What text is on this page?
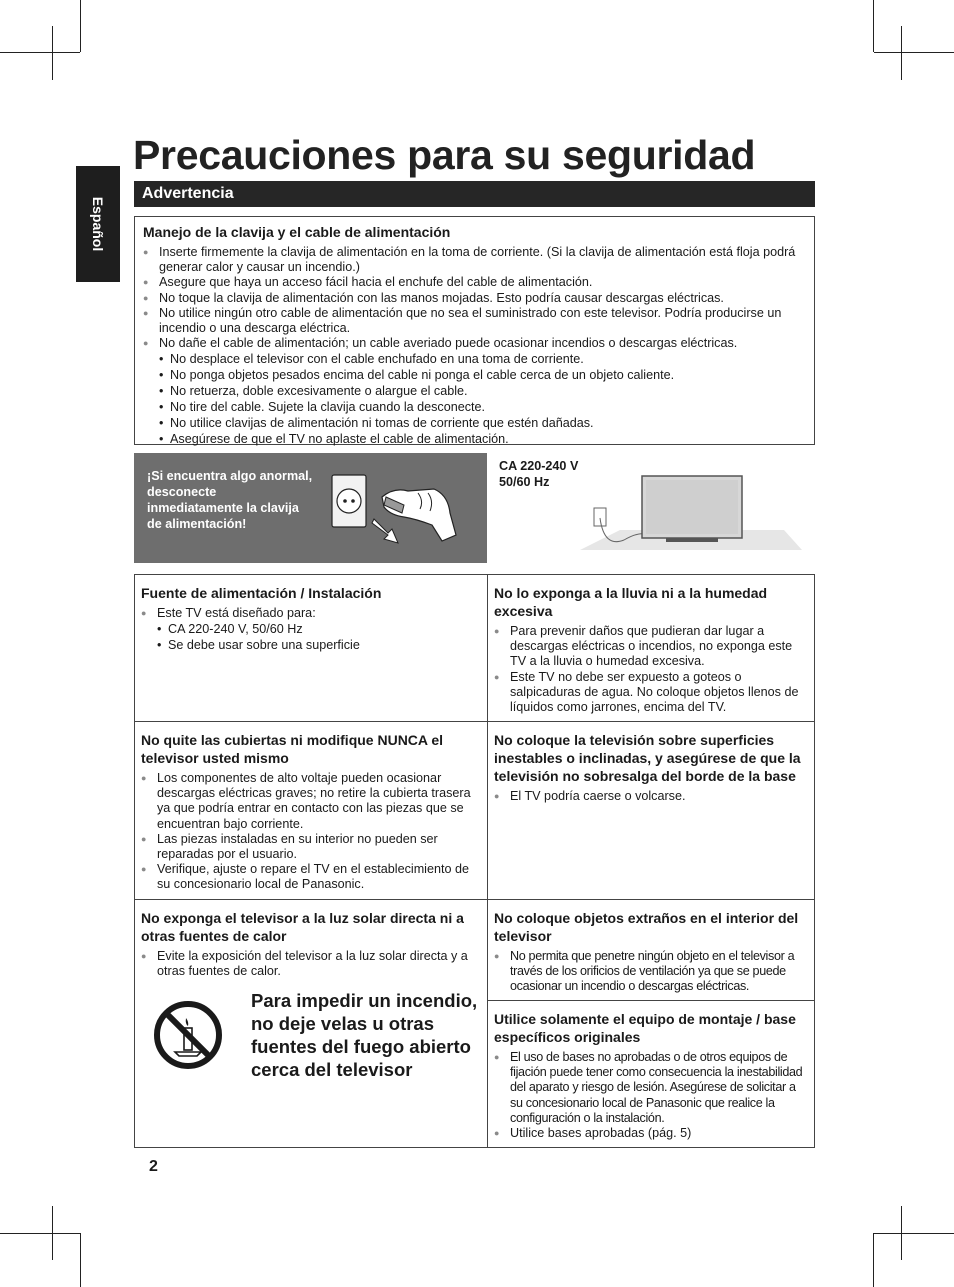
Español
Precauciones para su seguridad
Advertencia

Manejo de la clavija y el cable de alimentación

● Inserte firmemente la clavija de alimentación en la toma de corriente. (Si la clavija de alimentación está floja podrá generar calor y causar un incendio.)
● Asegure que haya un acceso fácil hacia el enchufe del cable de alimentación.
● No toque la clavija de alimentación con las manos mojadas. Esto podría causar descargas eléctricas.
● No utilice ningún otro cable de alimentación que no sea el suministrado con este televisor. Podría producirse un incendio o una descarga eléctrica.
● No dañe el cable de alimentación; un cable averiado puede ocasionar incendios o descargas eléctricas.
• No desplace el televisor con el cable enchufado en una toma de corriente.
• No ponga objetos pesados encima del cable ni ponga el cable cerca de un objeto caliente.
• No retuerza, doble excesivamente o alargue el cable.
• No tire del cable. Sujete la clavija cuando la desconecte.
• No utilice clavijas de alimentación ni tomas de corriente que estén dañadas.
• Asegúrese de que el TV no aplaste el cable de alimentación.
¡Si encuentra algo anormal, desconecte inmediatamente la clavija de alimentación!
CA 220-240 V
50/60 Hz

Fuente de alimentación / Instalación

● Este TV está diseñado para:
• CA 220-240 V, 50/60 Hz
• Se debe usar sobre una superficie

No lo exponga a la lluvia ni a la humedad excesiva

● Para prevenir daños que pudieran dar lugar a descargas eléctricas o incendios, no exponga este TV a la lluvia o humedad excesiva.
● Este TV no debe ser expuesto a goteos o salpicaduras de agua. No coloque objetos llenos de líquidos como jarrones, encima del TV.

No quite las cubiertas ni modifique NUNCA el televisor usted mismo

● Los componentes de alto voltaje pueden ocasionar descargas eléctricas graves; no retire la cubierta trasera ya que podría entrar en contacto con las piezas que se encuentran bajo corriente.
● Las piezas instaladas en su interior no pueden ser reparadas por el usuario.
● Verifique, ajuste o repare el TV en el establecimiento de su concesionario local de Panasonic.

No coloque la televisión sobre superficies inestables o inclinadas, y asegúrese de que la televisión no sobresalga del borde de la base

● El TV podría caerse o volcarse.

No exponga el televisor a la luz solar directa ni a otras fuentes de calor

● Evite la exposición del televisor a la luz solar directa y a otras fuentes de calor.
Para impedir un incendio, no deje velas u otras fuentes del fuego abierto cerca del televisor

No coloque objetos extraños en el interior del televisor

● No permita que penetre ningún objeto en el televisor a través de los orificios de ventilación ya que se puede ocasionar un incendio o descargas eléctricas.

Utilice solamente el equipo de montaje / base específicos originales

● El uso de bases no aprobadas o de otros equipos de fijación puede tener como consecuencia la inestabilidad del aparato y riesgo de lesión. Asegúrese de solicitar a su concesionario local de Panasonic que realice la configuración o la instalación.
● Utilice bases aprobadas (pág. 5)
2
